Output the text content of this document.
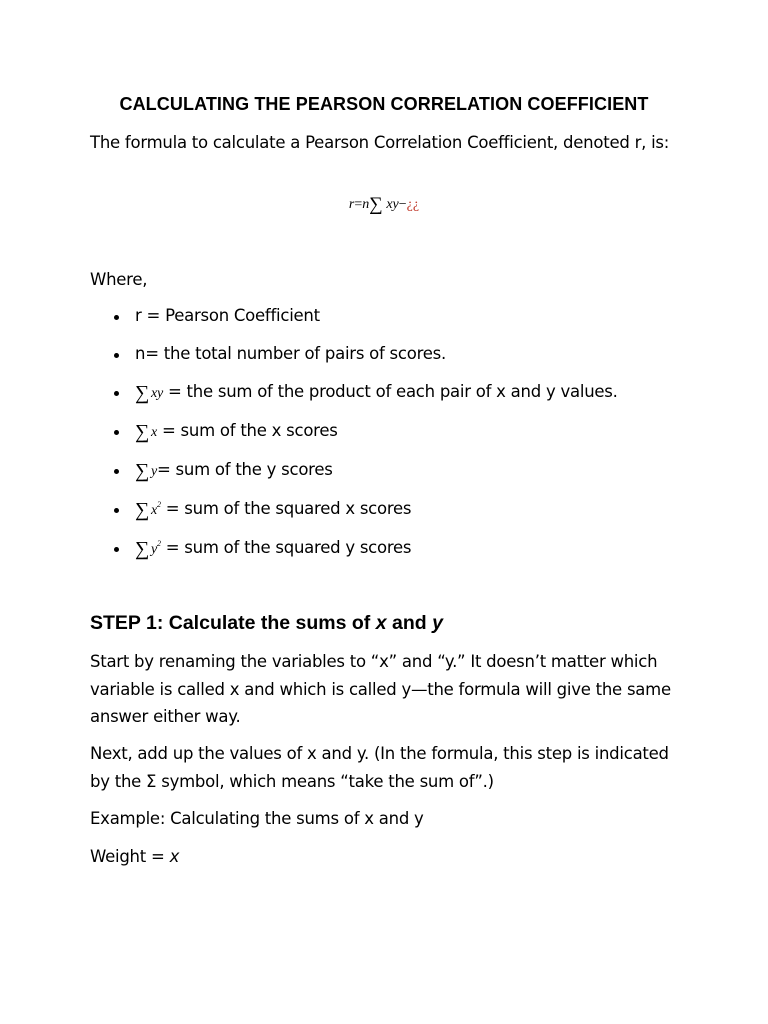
CALCULATING THE PEARSON CORRELATION COEFFICIENT

The formula to calculate a Pearson Correlation Coefficient, denoted r, is:

r=n∑ xy−¿¿

Where,

r = Pearson Coefficient
n= the total number of pairs of scores.
∑ xy = the sum of the product of each pair of x and y values.
∑ x = sum of the x scores
∑ y= sum of the y scores
∑ $x^2$ = sum of the squared x scores
∑ $y^2$ = sum of the squared y scores
STEP 1: Calculate the sums of x and y

Start by renaming the variables to “x” and “y.” It doesn’t matter which variable is called x and which is called y—the formula will give the same answer either way.

Next, add up the values of x and y. (In the formula, this step is indicated by the Σ symbol, which means “take the sum of”.)

Example: Calculating the sums of x and y

Weight = x
